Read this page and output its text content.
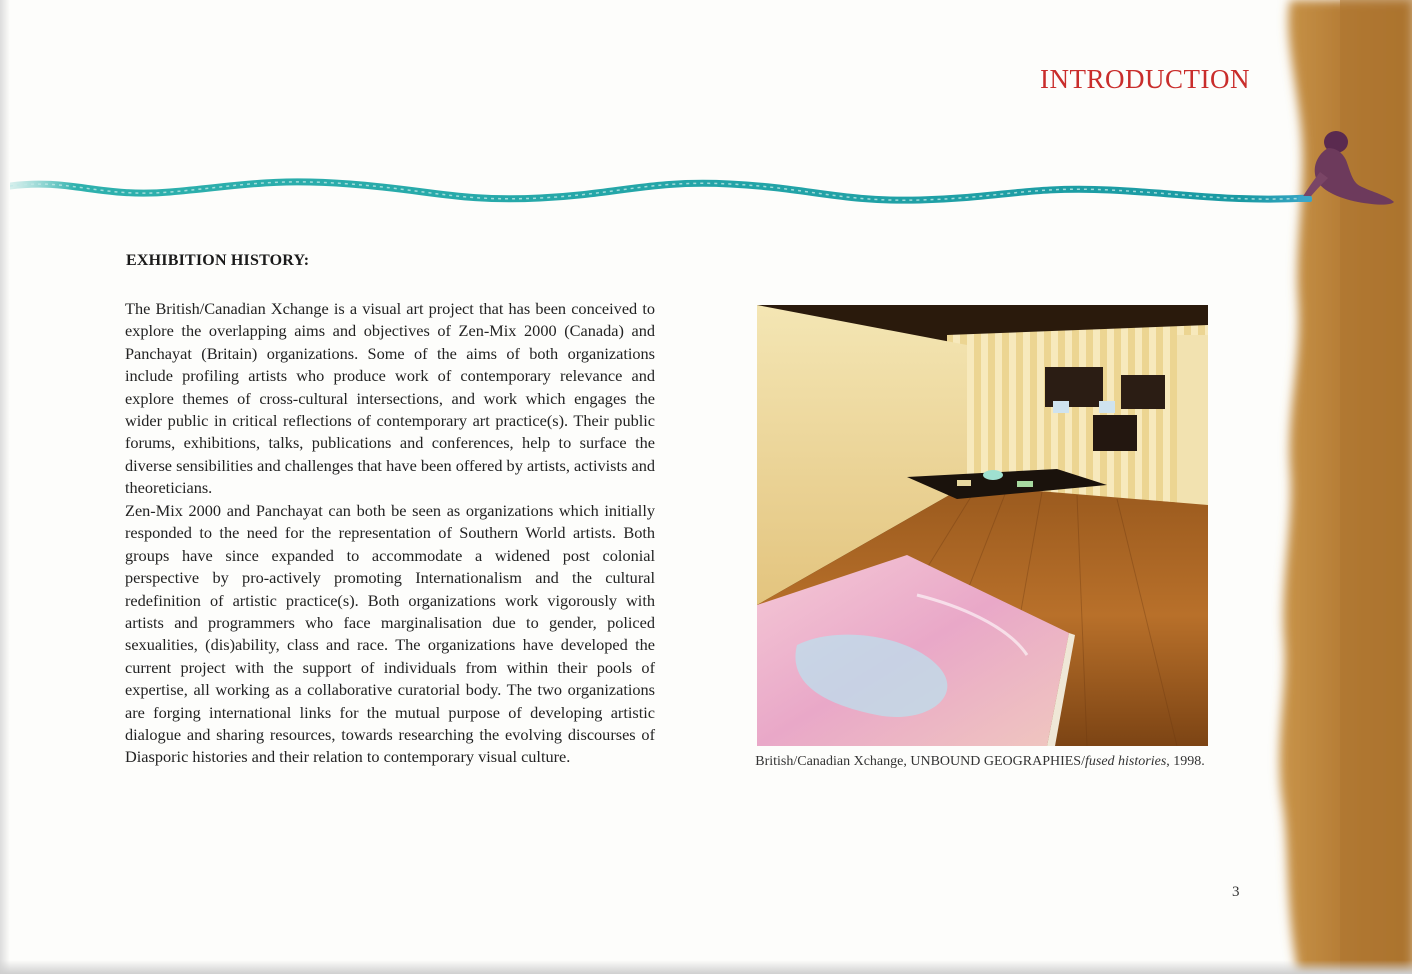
INTRODUCTION
EXHIBITION HISTORY:

The British/Canadian Xchange is a visual art project that has been conceived to explore the overlapping aims and objectives of Zen-Mix 2000 (Canada) and Panchayat (Britain) organizations. Some of the aims of both organizations include profiling artists who produce work of contemporary relevance and explore themes of cross-cultural intersections, and work which engages the wider public in critical reflections of contemporary art practice(s). Their public forums, exhibitions, talks, publications and conferences, help to surface the diverse sensibilities and challenges that have been offered by artists, activists and theoreticians.

Zen-Mix 2000 and Panchayat can both be seen as organizations which initially responded to the need for the representation of Southern World artists. Both groups have since expanded to accommodate a widened post colonial perspective by pro-actively promoting Internationalism and the cultural redefinition of artistic practice(s). Both organizations work vigorously with artists and programmers who face marginalisation due to gender, policed sexualities, (dis)ability, class and race. The organizations have developed the current project with the support of individuals from within their pools of expertise, all working as a collaborative curatorial body. The two organizations are forging international links for the mutual purpose of developing artistic dialogue and sharing resources, towards researching the evolving discourses of Diasporic histories and their relation to contemporary visual culture.	British/Canadian Xchange, UNBOUND GEOGRAPHIES/fused histories, 1998.
3
